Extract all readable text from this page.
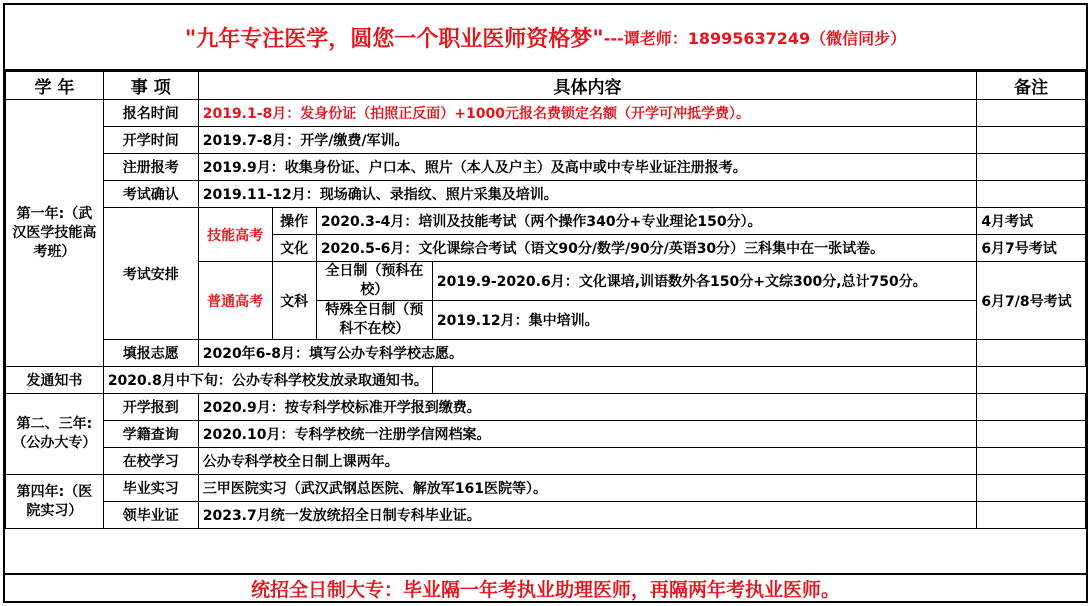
"九年专注医学，圆您一个职业医师资格梦" ---谭老师：18995637249（微信同步）
学 年	事 项	具体内容				备注
第一年:（武汉医学技能高考班）	报名时间	2019.1-8月：发身份证（拍照正反面）+1000元报名费锁定名额（开学可冲抵学费）。				
	开学时间	2019.7-8月：开学/缴费/军训。				
	注册报考	2019.9月：收集身份证、户口本、照片（本人及户主）及高中或中专毕业证注册报考。				
	考试确认	2019.11-12月：现场确认、录指纹、照片采集及培训。				
	考试安排	技能高考	操作	2020.3-4月：培训及技能考试（两个操作340分+专业理论150分）。		4月考试
			文化	2020.5-6月：文化课综合考试（语文90分/数学/90分/英语30分）三科集中在一张试卷。		6月7号考试
		普通高考	文科	全日制（预科在校）	2019.9-2020.6月：文化课培,训语数外各150分+文综300分,总计750分。	6月7/8号考试

				特殊全日制（预科不在校）	2019.12月：集中培训。	

	填报志愿	2020年6-8月：填写公办专科学校志愿。				
发通知书	2020.8月中下旬：公办专科学校发放录取通知书。					
第二、三年:（公办大专）	开学报到	2020.9月：按专科学校标准开学报到缴费。				
	学籍查询	2020.10月：专科学校统一注册学信网档案。				
	在校学习	公办专科学校全日制上课两年。				
第四年:（医院实习）	毕业实习	三甲医院实习（武汉武钢总医院、解放军161医院等）。				
	领毕业证	2023.7月统一发放统招全日制专科毕业证。				
统招全日制大专：毕业隔一年考执业助理医师，再隔两年考执业医师。
